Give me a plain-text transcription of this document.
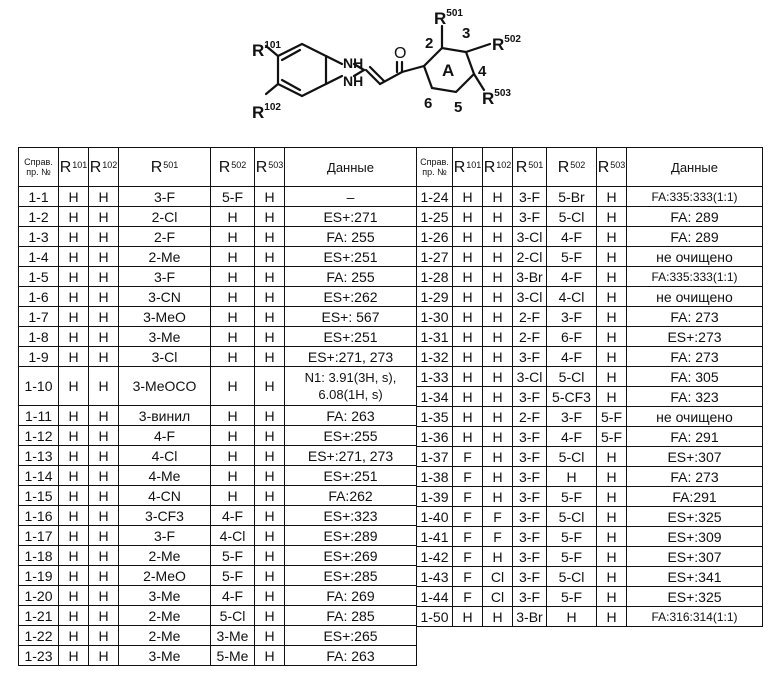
$R^{101}$
$R^{102}$
NH
NH
O
A
$R^{501}$
$R^{502}$
$R^{503}$
2
3
4
5
6
Справ. пр. №	$R^{101}$	$R^{102}$	$R^{501}$	$R^{502}$	$R^{503}$	Данные
1-1	H	H	3-F	5-F	H	–
1-2	H	H	2-Cl	H	H	ES+:271
1-3	H	H	2-F	H	H	FA: 255
1-4	H	H	2-Me	H	H	ES+:251
1-5	H	H	3-F	H	H	FA: 255
1-6	H	H	3-CN	H	H	ES+:262
1-7	H	H	3-MeO	H	H	ES+: 567
1-8	H	H	3-Me	H	H	ES+:251
1-9	H	H	3-Cl	H	H	ES+:271, 273
1-10	H	H	3-MeOCO	H	H	N1: 3.91(3H, s), 6.08(1H, s)
1-11	H	H	3-винил	H	H	FA: 263
1-12	H	H	4-F	H	H	ES+:255
1-13	H	H	4-Cl	H	H	ES+:271, 273
1-14	H	H	4-Me	H	H	ES+:251
1-15	H	H	4-CN	H	H	FA:262
1-16	H	H	3-CF3	4-F	H	ES+:323
1-17	H	H	3-F	4-Cl	H	ES+:289
1-18	H	H	2-Me	5-F	H	ES+:269
1-19	H	H	2-MeO	5-F	H	ES+:285
1-20	H	H	3-Me	4-F	H	FA: 269
1-21	H	H	2-Me	5-Cl	H	FA: 285
1-22	H	H	2-Me	3-Me	H	ES+:265
1-23	H	H	3-Me	5-Me	H	FA: 263
Справ. пр. №	$R^{101}$	$R^{102}$	$R^{501}$	$R^{502}$	$R^{503}$	Данные
1-24	H	H	3-F	5-Br	H	FA:335:333(1:1)
1-25	H	H	3-F	5-Cl	H	FA: 289
1-26	H	H	3-Cl	4-F	H	FA: 289
1-27	H	H	2-Cl	5-F	H	не очищено
1-28	H	H	3-Br	4-F	H	FA:335:333(1:1)
1-29	H	H	3-Cl	4-Cl	H	не очищено
1-30	H	H	2-F	3-F	H	FA: 273
1-31	H	H	2-F	6-F	H	ES+:273
1-32	H	H	3-F	4-F	H	FA: 273
1-33	H	H	3-Cl	5-Cl	H	FA: 305
1-34	H	H	3-F	5-CF3	H	FA: 323
1-35	H	H	2-F	3-F	5-F	не очищено
1-36	H	H	3-F	4-F	5-F	FA: 291
1-37	F	H	3-F	5-Cl	H	ES+:307
1-38	F	H	3-F	H	H	FA: 273
1-39	F	H	3-F	5-F	H	FA:291
1-40	F	F	3-F	5-Cl	H	ES+:325
1-41	F	F	3-F	5-F	H	ES+:309
1-42	F	H	3-F	5-F	H	ES+:307
1-43	F	Cl	3-F	5-Cl	H	ES+:341
1-44	F	Cl	3-F	5-F	H	ES+:325
1-50	H	H	3-Br	H	H	FA:316:314(1:1)
